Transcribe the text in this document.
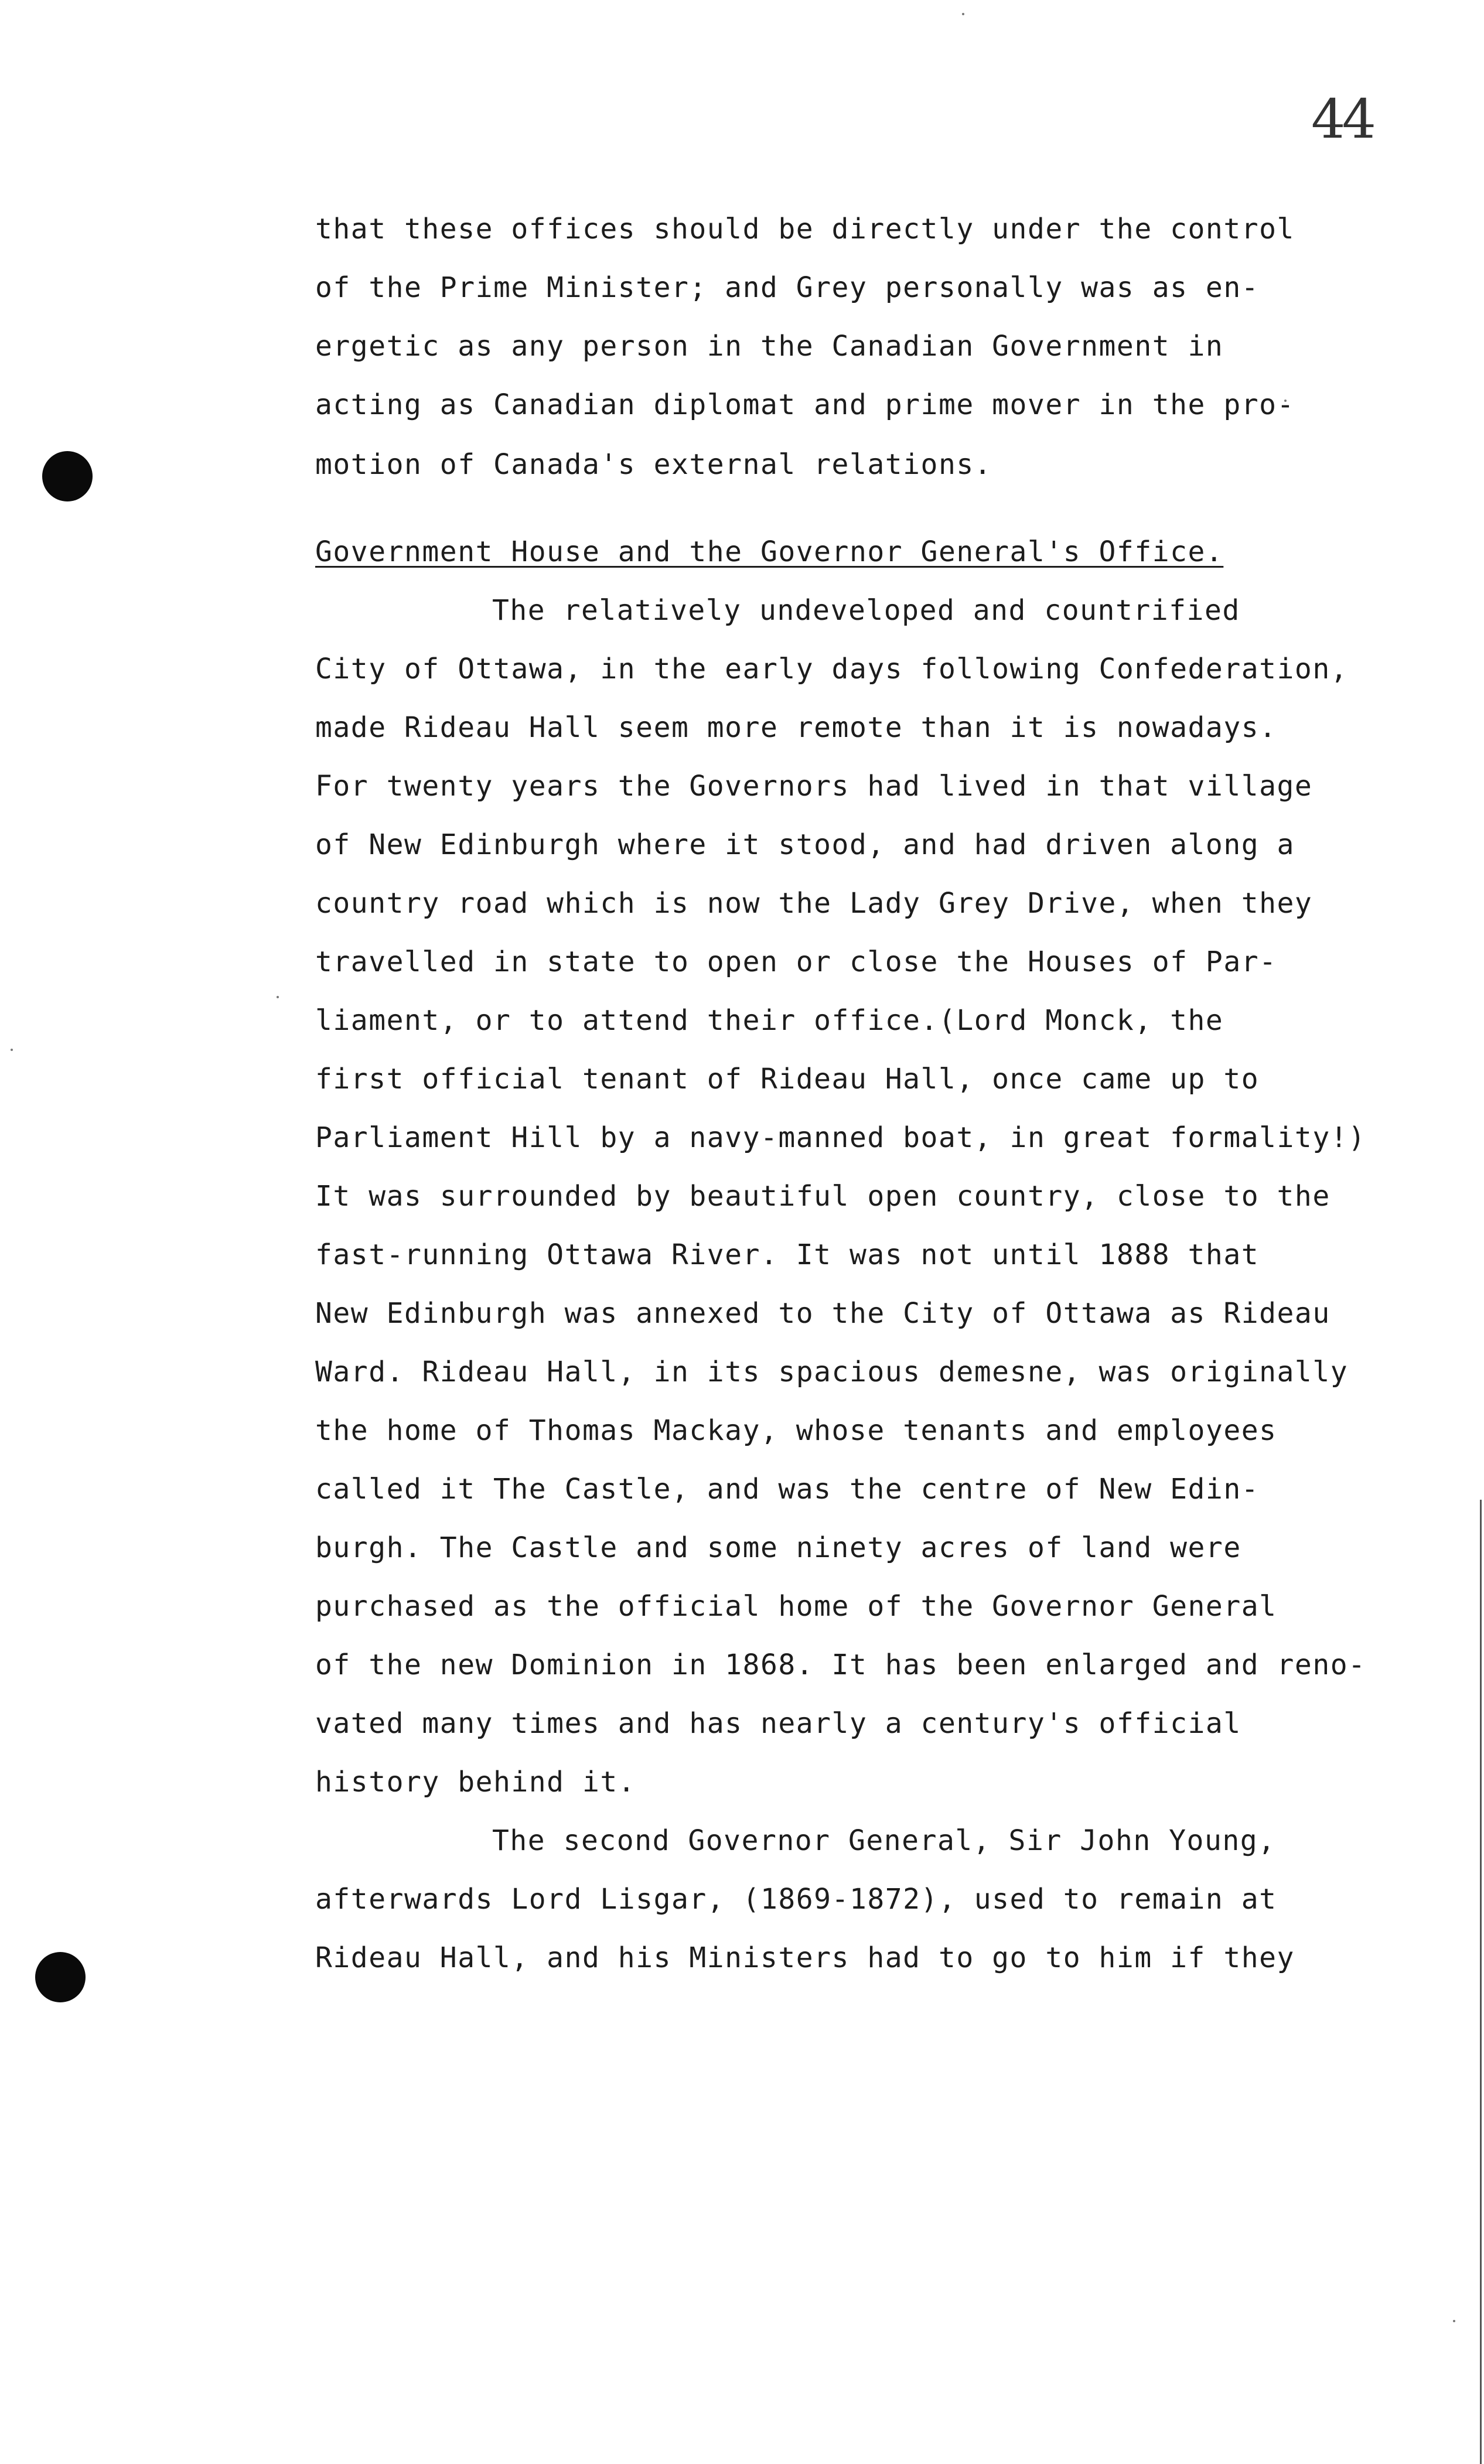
44
that these offices should be directly under the control
of the Prime Minister; and Grey personally was as en-
ergetic as any person in the Canadian Government in
acting as Canadian diplomat and prime mover in the pro-
motion of Canada's external relations.
Government House and the Governor General's Office.
The relatively undeveloped and countrified
City of Ottawa, in the early days following Confederation,
made Rideau Hall seem more remote than it is nowadays.
For twenty years the Governors had lived in that village
of New Edinburgh where it stood, and had driven along a
country road which is now the Lady Grey Drive, when they
travelled in state to open or close the Houses of Par-
liament, or to attend their office.(Lord Monck, the
first official tenant of Rideau Hall, once came up to
Parliament Hill by a navy-manned boat, in great formality!)
It was surrounded by beautiful open country, close to the
fast-running Ottawa River. It was not until 1888 that
New Edinburgh was annexed to the City of Ottawa as Rideau
Ward. Rideau Hall, in its spacious demesne, was originally
the home of Thomas Mackay, whose tenants and employees
called it The Castle, and was the centre of New Edin-
burgh. The Castle and some ninety acres of land were
purchased as the official home of the Governor General
of the new Dominion in 1868. It has been enlarged and reno-
vated many times and has nearly a century's official
history behind it.
The second Governor General, Sir John Young,
afterwards Lord Lisgar, (1869-1872), used to remain at
Rideau Hall, and his Ministers had to go to him if they
